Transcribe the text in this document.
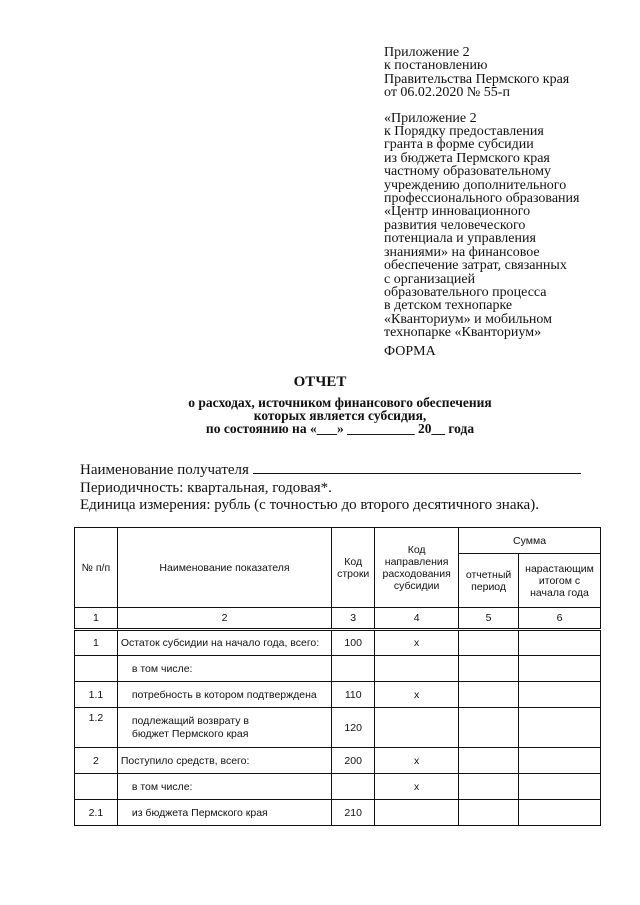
Приложение 2
к постановлению
Правительства Пермского края
от 06.02.2020 № 55-п
«Приложение 2
к Порядку предоставления
гранта в форме субсидии
из бюджета Пермского края
частному образовательному
учреждению дополнительного
профессионального образования
«Центр инновационного
развития человеческого
потенциала и управления
знаниями» на финансовое
обеспечение затрат, связанных
с организацией
образовательного процесса
в детском технопарке
«Кванториум» и мобильном
технопарке «Кванториум»
ФОРМА
ОТЧЕТ
о расходах, источником финансового обеспечения
которых является субсидия,
по состоянию на «___» __________ 20__ года
Наименование получателя
Периодичность: квартальная, годовая*.
Единица измерения: рубль (с точностью до второго десятичного знака).
№ п/п	Наименование показателя	Код строки	Код направления расходования субсидии	Сумма	
				отчетный период	нарастающим итогом с начала года
1	2	3	4	5	6
1	Остаток субсидии на начало года, всего:	100	x		
	в том числе:				
1.1	потребность в котором подтверждена	110	x		
1.2	подлежащий возврату в бюджет Пермского края	120			
2	Поступило средств, всего:	200	x		
	в том числе:		x		
2.1	из бюджета Пермского края	210			
